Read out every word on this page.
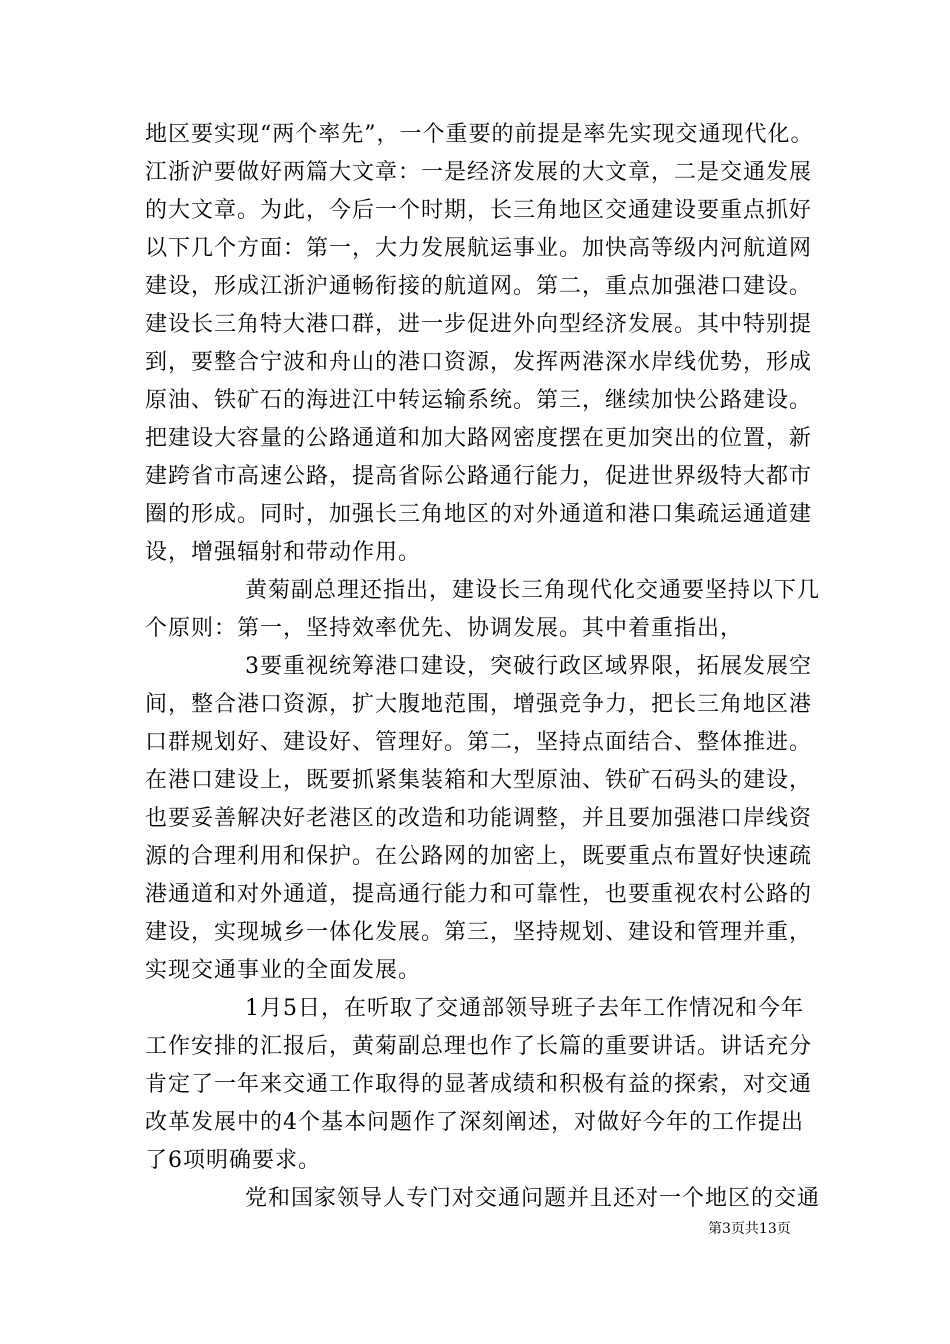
地区要实现“两个率先”，一个重要的前提是率先实现交通现代化。
江浙沪要做好两篇大文章：一是经济发展的大文章，二是交通发展
的大文章。为此，今后一个时期，长三角地区交通建设要重点抓好
以下几个方面：第一，大力发展航运事业。加快高等级内河航道网
建设，形成江浙沪通畅衔接的航道网。第二，重点加强港口建设。
建设长三角特大港口群，进一步促进外向型经济发展。其中特别提
到，要整合宁波和舟山的港口资源，发挥两港深水岸线优势，形成
原油、铁矿石的海进江中转运输系统。第三，继续加快公路建设。
把建设大容量的公路通道和加大路网密度摆在更加突出的位置，新
建跨省市高速公路，提高省际公路通行能力，促进世界级特大都市
圈的形成。同时，加强长三角地区的对外通道和港口集疏运通道建
设，增强辐射和带动作用。
黄菊副总理还指出，建设长三角现代化交通要坚持以下几
个原则：第一，坚持效率优先、协调发展。其中着重指出，
3要重视统筹港口建设，突破行政区域界限，拓展发展空
间，整合港口资源，扩大腹地范围，增强竞争力，把长三角地区港
口群规划好、建设好、管理好。第二，坚持点面结合、整体推进。
在港口建设上，既要抓紧集装箱和大型原油、铁矿石码头的建设，
也要妥善解决好老港区的改造和功能调整，并且要加强港口岸线资
源的合理利用和保护。在公路网的加密上，既要重点布置好快速疏
港通道和对外通道，提高通行能力和可靠性，也要重视农村公路的
建设，实现城乡一体化发展。第三，坚持规划、建设和管理并重，
实现交通事业的全面发展。
1月5日，在听取了交通部领导班子去年工作情况和今年
工作安排的汇报后，黄菊副总理也作了长篇的重要讲话。讲话充分
肯定了一年来交通工作取得的显著成绩和积极有益的探索，对交通
改革发展中的4个基本问题作了深刻阐述，对做好今年的工作提出
了6项明确要求。
党和国家领导人专门对交通问题并且还对一个地区的交通
第3页共13页
